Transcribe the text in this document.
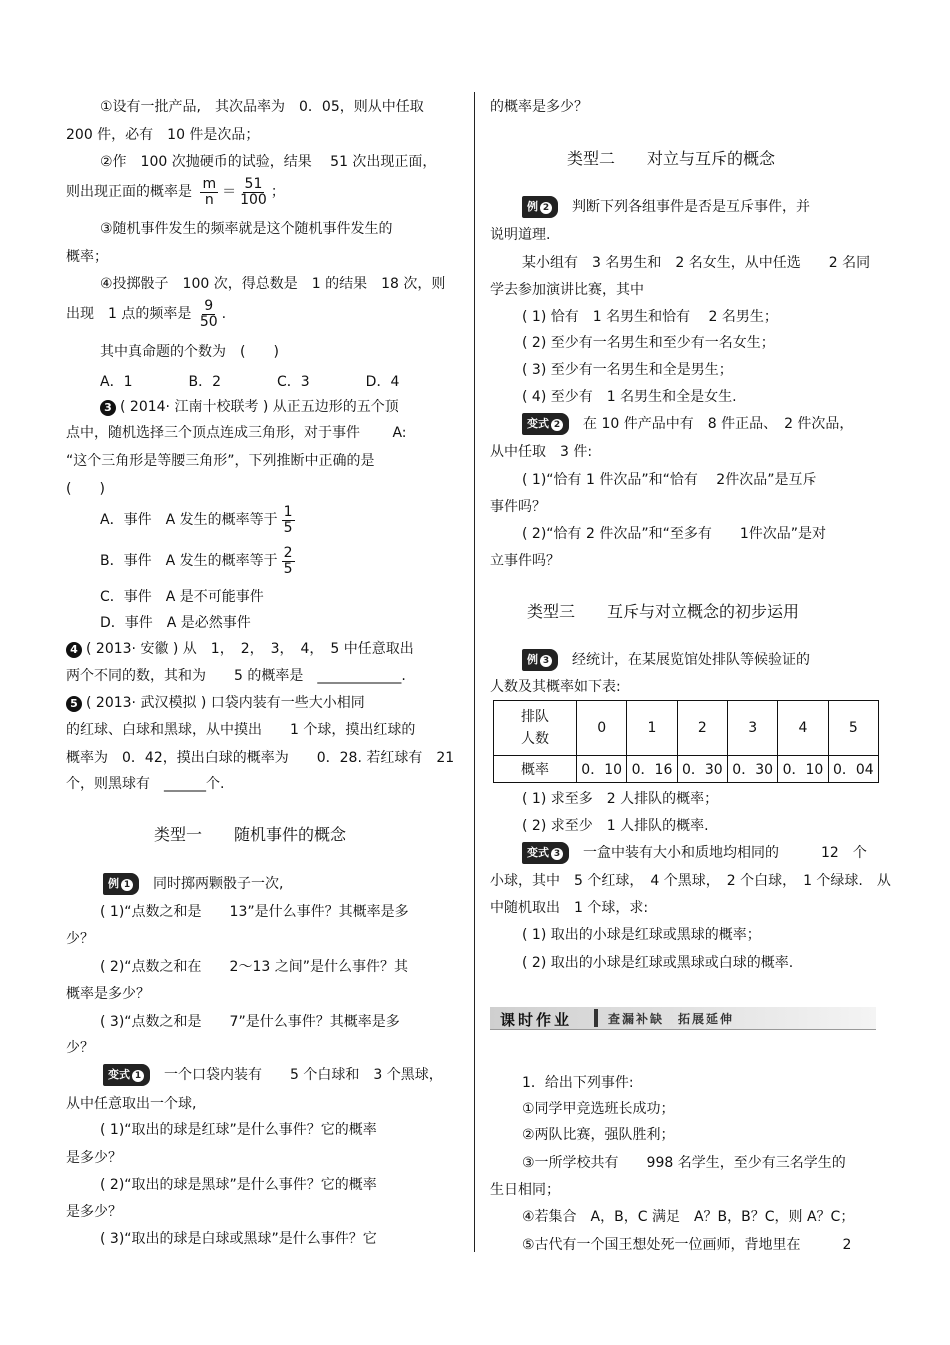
①设有一批产品,　其次品率为　0．05，则从中任取
200 件，必有　10 件是次品；
②作　100 次抛硬币的试验，结果　 51 次出现正面，
则出现正面的概率是 $\frac{m}{n} = \frac{51}{100}$ ；
③随机事件发生的频率就是这个随机事件发生的
概率；
④投掷骰子　100 次，得总数是　1 的结果　18 次，则
出现　1 点的频率是 $\frac{9}{50}$ .
其中真命题的个数为　(　　)
A．1　　　　B．2　　　　C．3　　　　D．4
3 ( 2014· 江南十校联考 ) 从正五边形的五个顶
点中，随机选择三个顶点连成三角形，对于事件　　 A:
“这个三角形是等腰三角形”，下列推断中正确的是
(　　)
A．事件　A 发生的概率等于 $\frac{1}{5}$
B．事件　A 发生的概率等于 $\frac{2}{5}$
C．事件　A 是不可能事件
D．事件　A 是必然事件
4 ( 2013· 安徽 ) 从　1，　2，　3，　4，　5 中任意取出
两个不同的数，其和为　　5 的概率是　____________.
5 ( 2013· 武汉模拟 ) 口袋内装有一些大小相同
的红球、白球和黑球，从中摸出　　1 个球，摸出红球的
概率为　0．42，摸出白球的概率为　　0．28. 若红球有　21
个，则黑球有　______个.
类型一　　随机事件的概念
例 1 同时掷两颗骰子一次,
( 1)“点数之和是　　13”是什么事件？其概率是多
少？
( 2)“点数之和在　　2～13 之间”是什么事件？其
概率是多少？
( 3)“点数之和是　　7”是什么事件？其概率是多
少？
变式 1 一个口袋内装有　　5 个白球和　3 个黑球，
从中任意取出一个球,
( 1)“取出的球是红球”是什么事件？它的概率
是多少？
( 2)“取出的球是黑球”是什么事件？它的概率
是多少？
( 3)“取出的球是白球或黑球”是什么事件？它
的概率是多少？
类型二　　对立与互斥的概念
例 2 判断下列各组事件是否是互斥事件，并
说明道理.
某小组有　3 名男生和　2 名女生，从中任选　　2 名同
学去参加演讲比赛，其中
( 1) 恰有　1 名男生和恰有　 2 名男生；
( 2) 至少有一名男生和至少有一名女生；
( 3) 至少有一名男生和全是男生；
( 4) 至少有　1 名男生和全是女生.
变式 2 在 10 件产品中有　8 件正品、　2 件次品，
从中任取　3 件:
( 1)“恰有 1 件次品”和“恰有　 2件次品”是互斥
事件吗？
( 2)“恰有 2 件次品”和“至多有　　1件次品”是对
立事件吗？
类型三　　互斥与对立概念的初步运用
例 3 经统计，在某展览馆处排队等候验证的
人数及其概率如下表:
排队
人数	0	1	2	3	4	5
概率	0．10	0．16	0．30	0．30	0．10	0．04
( 1) 求至多　2 人排队的概率；
( 2) 求至少　1 人排队的概率.
变式 3 一盒中装有大小和质地均相同的　　　12　个
小球，其中　5 个红球，　4 个黑球，　2 个白球，　1 个绿球.　从
中随机取出　1 个球，求:
( 1) 取出的小球是红球或黑球的概率；
( 2) 取出的小球是红球或黑球或白球的概率.
课时作业	查漏补缺　拓展延伸
1．给出下列事件:
①同学甲竞选班长成功；
②两队比赛，强队胜利；
③一所学校共有　　998 名学生，至少有三名学生的
生日相同；
④若集合　A，B，C 满足　A？B，B？C，则 A？C；
⑤古代有一个国王想处死一位画师，背地里在　　　2
